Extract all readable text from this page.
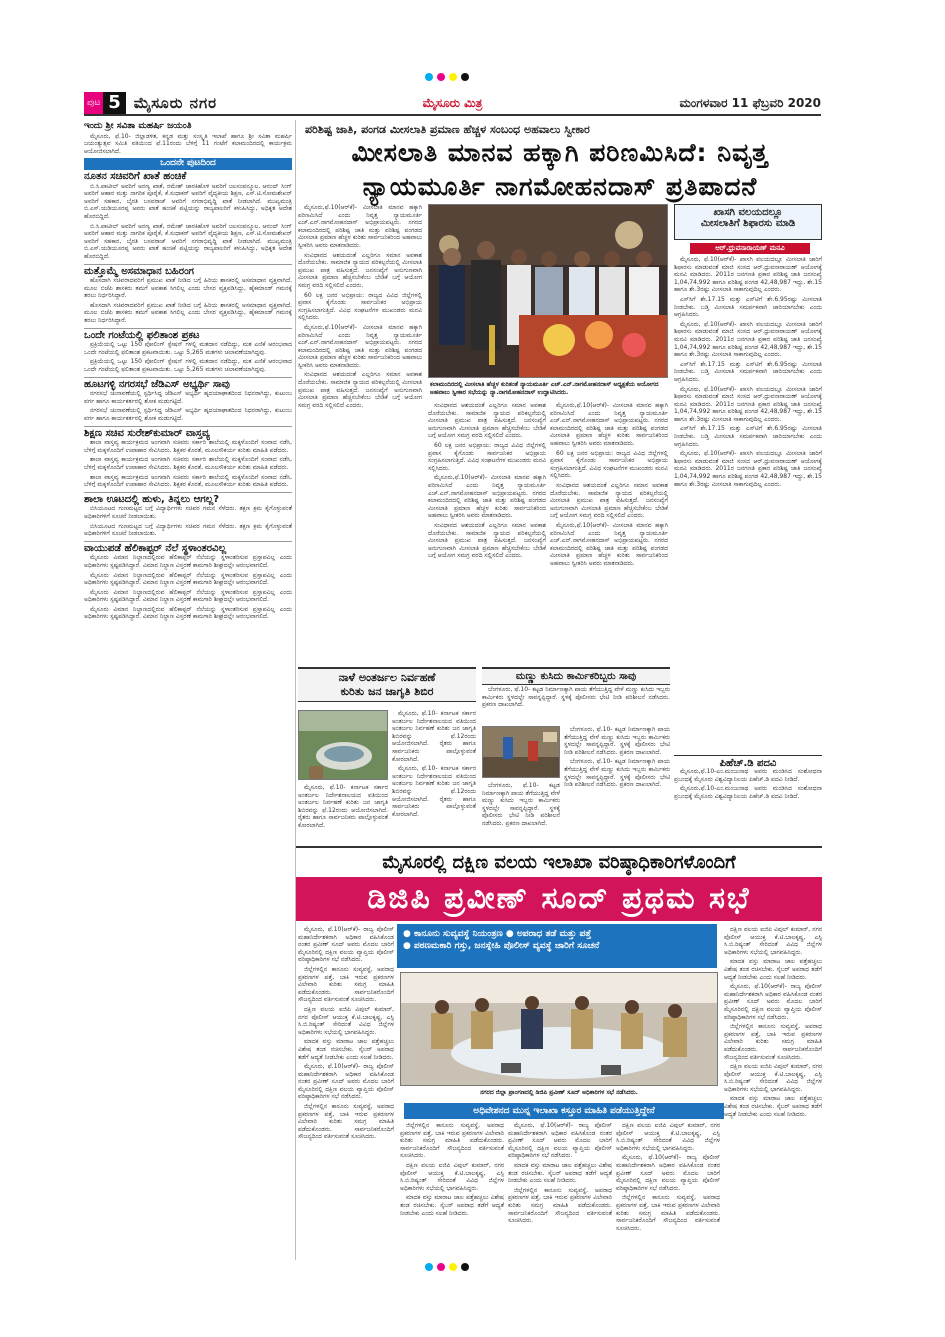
ಪುಟ 5 ಮೈಸೂರು ನಗರ	ಮೈಸೂರು ಮಿತ್ರ	ಮಂಗಳವಾರ 11 ಫೆಬ್ರವರಿ 2020
ಇಂದು ಶ್ರೀ ಸವಿತಾ ಮಹರ್ಷಿ ಜಯಂತಿ

ಮೈಸೂರು, ಫೆ.10- ಜಿಲ್ಲಾಡಳಿತ, ಕನ್ನಡ ಮತ್ತು ಸಂಸ್ಕೃತಿ ಇಲಾಖೆ ಹಾಗೂ ಶ್ರೀ ಸವಿತಾ ಮಹರ್ಷಿ ಜಯಂತ್ಯುತ್ಸವ ಸಮಿತಿ ವತಿಯಿಂದ ಫೆ.11ರಂದು ಬೆಳಿಗ್ಗೆ 11 ಗಂಟೆಗೆ ಕಲಾಮಂದಿರದಲ್ಲಿ ಕಾರ್ಯಕ್ರಮ ಆಯೋಜಿಸಲಾಗಿದೆ.

ಒಂದನೇ ಪುಟದಿಂದ
ನೂತನ ಸಚಿವರಿಗೆ ಖಾತೆ ಹಂಚಿಕೆ

ಬಿ.ಸಿ.ಪಾಟೀಲ್ ಅವರಿಗೆ ಅರಣ್ಯ ಖಾತೆ, ರಮೇಶ್ ಜಾರಕಿಹೊಳಿ ಅವರಿಗೆ ಜಲಸಂಪನ್ಮೂಲ, ಆನಂದ್ ಸಿಂಗ್ ಅವರಿಗೆ ಆಹಾರ ಮತ್ತು ನಾಗರಿಕ ಪೂರೈಕೆ, ಕೆ.ಸುಧಾಕರ್ ಅವರಿಗೆ ವೈದ್ಯಕೀಯ ಶಿಕ್ಷಣ, ಎಸ್.ಟಿ.ಸೋಮಶೇಖರ್ ಅವರಿಗೆ ಸಹಕಾರ, ಬೈರತಿ ಬಸವರಾಜ್ ಅವರಿಗೆ ನಗರಾಭಿವೃದ್ಧಿ ಖಾತೆ ನೀಡಲಾಗಿದೆ. ಮುಖ್ಯಮಂತ್ರಿ ಬಿ.ಎಸ್.ಯಡಿಯೂರಪ್ಪ ಅವರು ಖಾತೆ ಹಂಚಿಕೆ ಪಟ್ಟಿಯನ್ನು ರಾಜ್ಯಪಾಲರಿಗೆ ಕಳುಹಿಸಿದ್ದು, ಅಧಿಕೃತ ಆದೇಶ ಹೊರಬಿದ್ದಿದೆ.

ಬಿ.ಸಿ.ಪಾಟೀಲ್ ಅವರಿಗೆ ಅರಣ್ಯ ಖಾತೆ, ರಮೇಶ್ ಜಾರಕಿಹೊಳಿ ಅವರಿಗೆ ಜಲಸಂಪನ್ಮೂಲ, ಆನಂದ್ ಸಿಂಗ್ ಅವರಿಗೆ ಆಹಾರ ಮತ್ತು ನಾಗರಿಕ ಪೂರೈಕೆ, ಕೆ.ಸುಧಾಕರ್ ಅವರಿಗೆ ವೈದ್ಯಕೀಯ ಶಿಕ್ಷಣ, ಎಸ್.ಟಿ.ಸೋಮಶೇಖರ್ ಅವರಿಗೆ ಸಹಕಾರ, ಬೈರತಿ ಬಸವರಾಜ್ ಅವರಿಗೆ ನಗರಾಭಿವೃದ್ಧಿ ಖಾತೆ ನೀಡಲಾಗಿದೆ. ಮುಖ್ಯಮಂತ್ರಿ ಬಿ.ಎಸ್.ಯಡಿಯೂರಪ್ಪ ಅವರು ಖಾತೆ ಹಂಚಿಕೆ ಪಟ್ಟಿಯನ್ನು ರಾಜ್ಯಪಾಲರಿಗೆ ಕಳುಹಿಸಿದ್ದು, ಅಧಿಕೃತ ಆದೇಶ ಹೊರಬಿದ್ದಿದೆ.

ಮತ್ತೊಮ್ಮೆ ಅಸಮಾಧಾನ ಬಹಿರಂಗ

ಹೊಸದಾಗಿ ಸಚಿವರಾದವರಿಗೆ ಪ್ರಮುಖ ಖಾತೆ ನೀಡಿದ ಬಗ್ಗೆ ಹಿರಿಯ ಶಾಸಕರಲ್ಲಿ ಅಸಮಾಧಾನ ವ್ಯಕ್ತವಾಗಿದೆ. ಮೂಲ ಬಿಜೆಪಿ ಶಾಸಕರು ತಮಗೆ ಅವಕಾಶ ಸಿಗಲಿಲ್ಲ ಎಂದು ಬೇಸರ ವ್ಯಕ್ತಪಡಿಸಿದ್ದು, ಹೈಕಮಾಂಡ್ ಗಮನಕ್ಕೆ ತರಲು ನಿರ್ಧರಿಸಿದ್ದಾರೆ.

ಹೊಸದಾಗಿ ಸಚಿವರಾದವರಿಗೆ ಪ್ರಮುಖ ಖಾತೆ ನೀಡಿದ ಬಗ್ಗೆ ಹಿರಿಯ ಶಾಸಕರಲ್ಲಿ ಅಸಮಾಧಾನ ವ್ಯಕ್ತವಾಗಿದೆ. ಮೂಲ ಬಿಜೆಪಿ ಶಾಸಕರು ತಮಗೆ ಅವಕಾಶ ಸಿಗಲಿಲ್ಲ ಎಂದು ಬೇಸರ ವ್ಯಕ್ತಪಡಿಸಿದ್ದು, ಹೈಕಮಾಂಡ್ ಗಮನಕ್ಕೆ ತರಲು ನಿರ್ಧರಿಸಿದ್ದಾರೆ.

ಒಂದೇ ಗಂಟೆಯಲ್ಲಿ ಫಲಿತಾಂಶ ಪ್ರಕಟ

ಪ್ರಕ್ರಿಯೆಯಲ್ಲಿ ಒಟ್ಟು 150 ಪೋಲಿಂಗ್ ಸ್ಟೇಷನ್ ಗಳಲ್ಲಿ ಮತದಾನ ನಡೆದಿದ್ದು, ಮತ ಎಣಿಕೆ ಆರಂಭವಾದ ಒಂದೇ ಗಂಟೆಯಲ್ಲಿ ಫಲಿತಾಂಶ ಪ್ರಕಟವಾಯಿತು. ಒಟ್ಟು 5,265 ಮತಗಳು ಚಲಾವಣೆಯಾಗಿದ್ದವು.

ಪ್ರಕ್ರಿಯೆಯಲ್ಲಿ ಒಟ್ಟು 150 ಪೋಲಿಂಗ್ ಸ್ಟೇಷನ್ ಗಳಲ್ಲಿ ಮತದಾನ ನಡೆದಿದ್ದು, ಮತ ಎಣಿಕೆ ಆರಂಭವಾದ ಒಂದೇ ಗಂಟೆಯಲ್ಲಿ ಫಲಿತಾಂಶ ಪ್ರಕಟವಾಯಿತು. ಒಟ್ಟು 5,265 ಮತಗಳು ಚಲಾವಣೆಯಾಗಿದ್ದವು.

ಹೂಟಗಳ್ಳಿ ನಗರಸಭೆ ಜೆಡಿಎಸ್ ಅಭ್ಯರ್ಥಿ ಸಾವು

ನಗರಸಭೆ ಚುನಾವಣೆಯಲ್ಲಿ ಸ್ಪರ್ಧಿಸಿದ್ದ ಜೆಡಿಎಸ್ ಅಭ್ಯರ್ಥಿ ಹೃದಯಾಘಾತದಿಂದ ನಿಧನರಾಗಿದ್ದು, ಕುಟುಂಬ ವರ್ಗ ಹಾಗೂ ಕಾರ್ಯಕರ್ತರಲ್ಲಿ ಶೋಕ ಮಡುಗಟ್ಟಿದೆ.

ನಗರಸಭೆ ಚುನಾವಣೆಯಲ್ಲಿ ಸ್ಪರ್ಧಿಸಿದ್ದ ಜೆಡಿಎಸ್ ಅಭ್ಯರ್ಥಿ ಹೃದಯಾಘಾತದಿಂದ ನಿಧನರಾಗಿದ್ದು, ಕುಟುಂಬ ವರ್ಗ ಹಾಗೂ ಕಾರ್ಯಕರ್ತರಲ್ಲಿ ಶೋಕ ಮಡುಗಟ್ಟಿದೆ.

ಶಿಕ್ಷಣ ಸಚಿವ ಸುರೇಶ್‌ಕುಮಾರ್ ವಾಸ್ತವ್ಯ

ಶಾಲಾ ವಾಸ್ತವ್ಯ ಕಾರ್ಯಕ್ರಮದ ಅಂಗವಾಗಿ ಸಚಿವರು ಸರ್ಕಾರಿ ಶಾಲೆಯಲ್ಲಿ ಮಕ್ಕಳೊಂದಿಗೆ ಸಂವಾದ ನಡೆಸಿ, ಬೆಳಿಗ್ಗೆ ಮಕ್ಕಳೊಂದಿಗೆ ಉಪಾಹಾರ ಸೇವಿಸಿದರು. ಶಿಕ್ಷಕರ ಕೊರತೆ, ಮೂಲಸೌಕರ್ಯ ಕುರಿತು ಮಾಹಿತಿ ಪಡೆದರು.

ಶಾಲಾ ವಾಸ್ತವ್ಯ ಕಾರ್ಯಕ್ರಮದ ಅಂಗವಾಗಿ ಸಚಿವರು ಸರ್ಕಾರಿ ಶಾಲೆಯಲ್ಲಿ ಮಕ್ಕಳೊಂದಿಗೆ ಸಂವಾದ ನಡೆಸಿ, ಬೆಳಿಗ್ಗೆ ಮಕ್ಕಳೊಂದಿಗೆ ಉಪಾಹಾರ ಸೇವಿಸಿದರು. ಶಿಕ್ಷಕರ ಕೊರತೆ, ಮೂಲಸೌಕರ್ಯ ಕುರಿತು ಮಾಹಿತಿ ಪಡೆದರು.

ಶಾಲಾ ವಾಸ್ತವ್ಯ ಕಾರ್ಯಕ್ರಮದ ಅಂಗವಾಗಿ ಸಚಿವರು ಸರ್ಕಾರಿ ಶಾಲೆಯಲ್ಲಿ ಮಕ್ಕಳೊಂದಿಗೆ ಸಂವಾದ ನಡೆಸಿ, ಬೆಳಿಗ್ಗೆ ಮಕ್ಕಳೊಂದಿಗೆ ಉಪಾಹಾರ ಸೇವಿಸಿದರು. ಶಿಕ್ಷಕರ ಕೊರತೆ, ಮೂಲಸೌಕರ್ಯ ಕುರಿತು ಮಾಹಿತಿ ಪಡೆದರು.

ಶಾಲಾ ಊಟದಲ್ಲಿ ಹುಳು, ತಿನ್ನಲು ಆಗಲ್ಲ?

ಬಿಸಿಯೂಟದ ಗುಣಮಟ್ಟದ ಬಗ್ಗೆ ವಿದ್ಯಾರ್ಥಿಗಳು ಸಚಿವರ ಗಮನ ಸೆಳೆದರು. ತಕ್ಷಣ ಕ್ರಮ ಕೈಗೊಳ್ಳುವಂತೆ ಅಧಿಕಾರಿಗಳಿಗೆ ಸೂಚನೆ ನೀಡಲಾಯಿತು.

ಬಿಸಿಯೂಟದ ಗುಣಮಟ್ಟದ ಬಗ್ಗೆ ವಿದ್ಯಾರ್ಥಿಗಳು ಸಚಿವರ ಗಮನ ಸೆಳೆದರು. ತಕ್ಷಣ ಕ್ರಮ ಕೈಗೊಳ್ಳುವಂತೆ ಅಧಿಕಾರಿಗಳಿಗೆ ಸೂಚನೆ ನೀಡಲಾಯಿತು.

ವಾಯುಪಡೆ ಹೆಲಿಕಾಪ್ಟರ್ ನೆಲೆ ಸ್ಥಳಾಂತರವಿಲ್ಲ

ಮೈಸೂರು ವಿಮಾನ ನಿಲ್ದಾಣದಲ್ಲಿರುವ ಹೆಲಿಕಾಪ್ಟರ್ ನೆಲೆಯನ್ನು ಸ್ಥಳಾಂತರಿಸುವ ಪ್ರಸ್ತಾಪವಿಲ್ಲ ಎಂದು ಅಧಿಕಾರಿಗಳು ಸ್ಪಷ್ಟಪಡಿಸಿದ್ದಾರೆ. ವಿಮಾನ ನಿಲ್ದಾಣ ವಿಸ್ತರಣೆ ಕಾಮಗಾರಿ ಶೀಘ್ರದಲ್ಲೇ ಆರಂಭವಾಗಲಿದೆ.

ಮೈಸೂರು ವಿಮಾನ ನಿಲ್ದಾಣದಲ್ಲಿರುವ ಹೆಲಿಕಾಪ್ಟರ್ ನೆಲೆಯನ್ನು ಸ್ಥಳಾಂತರಿಸುವ ಪ್ರಸ್ತಾಪವಿಲ್ಲ ಎಂದು ಅಧಿಕಾರಿಗಳು ಸ್ಪಷ್ಟಪಡಿಸಿದ್ದಾರೆ. ವಿಮಾನ ನಿಲ್ದಾಣ ವಿಸ್ತರಣೆ ಕಾಮಗಾರಿ ಶೀಘ್ರದಲ್ಲೇ ಆರಂಭವಾಗಲಿದೆ.

ಮೈಸೂರು ವಿಮಾನ ನಿಲ್ದಾಣದಲ್ಲಿರುವ ಹೆಲಿಕಾಪ್ಟರ್ ನೆಲೆಯನ್ನು ಸ್ಥಳಾಂತರಿಸುವ ಪ್ರಸ್ತಾಪವಿಲ್ಲ ಎಂದು ಅಧಿಕಾರಿಗಳು ಸ್ಪಷ್ಟಪಡಿಸಿದ್ದಾರೆ. ವಿಮಾನ ನಿಲ್ದಾಣ ವಿಸ್ತರಣೆ ಕಾಮಗಾರಿ ಶೀಘ್ರದಲ್ಲೇ ಆರಂಭವಾಗಲಿದೆ.

ಮೈಸೂರು ವಿಮಾನ ನಿಲ್ದಾಣದಲ್ಲಿರುವ ಹೆಲಿಕಾಪ್ಟರ್ ನೆಲೆಯನ್ನು ಸ್ಥಳಾಂತರಿಸುವ ಪ್ರಸ್ತಾಪವಿಲ್ಲ ಎಂದು ಅಧಿಕಾರಿಗಳು ಸ್ಪಷ್ಟಪಡಿಸಿದ್ದಾರೆ. ವಿಮಾನ ನಿಲ್ದಾಣ ವಿಸ್ತರಣೆ ಕಾಮಗಾರಿ ಶೀಘ್ರದಲ್ಲೇ ಆರಂಭವಾಗಲಿದೆ.

ಪರಿಶಿಷ್ಟ ಜಾತಿ, ಪಂಗಡ ಮೀಸಲಾತಿ ಪ್ರಮಾಣ ಹೆಚ್ಚಳ ಸಂಬಂಧ ಅಹವಾಲು ಸ್ವೀಕಾರ
ಮೀಸಲಾತಿ ಮಾನವ ಹಕ್ಕಾಗಿ ಪರಿಣಮಿಸಿದೆ: ನಿವೃತ್ತ
ನ್ಯಾಯಮೂರ್ತಿ ನಾಗಮೋಹನದಾಸ್ ಪ್ರತಿಪಾದನೆ

ಮೈಸೂರು,ಫೆ.10(ಆರ್‌ಕೆ)- ಮೀಸಲಾತಿ ಮಾನವ ಹಕ್ಕಾಗಿ ಪರಿಣಮಿಸಿದೆ ಎಂದು ನಿವೃತ್ತ ನ್ಯಾಯಮೂರ್ತಿ ಎಚ್.ಎನ್.ನಾಗಮೋಹನದಾಸ್ ಅಭಿಪ್ರಾಯಪಟ್ಟರು. ನಗರದ ಕಲಾಮಂದಿರದಲ್ಲಿ ಪರಿಶಿಷ್ಟ ಜಾತಿ ಮತ್ತು ಪರಿಶಿಷ್ಟ ಪಂಗಡದ ಮೀಸಲಾತಿ ಪ್ರಮಾಣ ಹೆಚ್ಚಳ ಕುರಿತು ಸಾರ್ವಜನಿಕರಿಂದ ಅಹವಾಲು ಸ್ವೀಕರಿಸಿ ಅವರು ಮಾತನಾಡಿದರು.

ಸಂವಿಧಾನದ ಆಶಯದಂತೆ ಎಲ್ಲರಿಗೂ ಸಮಾನ ಅವಕಾಶ ದೊರೆಯಬೇಕು. ಸಾಮಾಜಿಕ ನ್ಯಾಯದ ಪರಿಕಲ್ಪನೆಯಲ್ಲಿ ಮೀಸಲಾತಿ ಪ್ರಮುಖ ಪಾತ್ರ ವಹಿಸುತ್ತದೆ. ಜನಸಂಖ್ಯೆಗೆ ಅನುಗುಣವಾಗಿ ಮೀಸಲಾತಿ ಪ್ರಮಾಣ ಹೆಚ್ಚಿಸಬೇಕೆಂಬ ಬೇಡಿಕೆ ಬಗ್ಗೆ ಆಯೋಗ ಸಮಗ್ರ ವರದಿ ಸಲ್ಲಿಸಲಿದೆ ಎಂದರು.

60 ಲಕ್ಷ ಜನರ ಅಭಿಪ್ರಾಯ: ರಾಜ್ಯದ ವಿವಿಧ ಜಿಲ್ಲೆಗಳಲ್ಲಿ ಪ್ರವಾಸ ಕೈಗೊಂಡು ಸಾರ್ವಜನಿಕರ ಅಭಿಪ್ರಾಯ ಸಂಗ್ರಹಿಸಲಾಗುತ್ತಿದೆ. ವಿವಿಧ ಸಂಘಟನೆಗಳ ಮುಖಂಡರು ಮನವಿ ಸಲ್ಲಿಸಿದರು.

ಮೈಸೂರು,ಫೆ.10(ಆರ್‌ಕೆ)- ಮೀಸಲಾತಿ ಮಾನವ ಹಕ್ಕಾಗಿ ಪರಿಣಮಿಸಿದೆ ಎಂದು ನಿವೃತ್ತ ನ್ಯಾಯಮೂರ್ತಿ ಎಚ್.ಎನ್.ನಾಗಮೋಹನದಾಸ್ ಅಭಿಪ್ರಾಯಪಟ್ಟರು. ನಗರದ ಕಲಾಮಂದಿರದಲ್ಲಿ ಪರಿಶಿಷ್ಟ ಜಾತಿ ಮತ್ತು ಪರಿಶಿಷ್ಟ ಪಂಗಡದ ಮೀಸಲಾತಿ ಪ್ರಮಾಣ ಹೆಚ್ಚಳ ಕುರಿತು ಸಾರ್ವಜನಿಕರಿಂದ ಅಹವಾಲು ಸ್ವೀಕರಿಸಿ ಅವರು ಮಾತನಾಡಿದರು.

ಸಂವಿಧಾನದ ಆಶಯದಂತೆ ಎಲ್ಲರಿಗೂ ಸಮಾನ ಅವಕಾಶ ದೊರೆಯಬೇಕು. ಸಾಮಾಜಿಕ ನ್ಯಾಯದ ಪರಿಕಲ್ಪನೆಯಲ್ಲಿ ಮೀಸಲಾತಿ ಪ್ರಮುಖ ಪಾತ್ರ ವಹಿಸುತ್ತದೆ. ಜನಸಂಖ್ಯೆಗೆ ಅನುಗುಣವಾಗಿ ಮೀಸಲಾತಿ ಪ್ರಮಾಣ ಹೆಚ್ಚಿಸಬೇಕೆಂಬ ಬೇಡಿಕೆ ಬಗ್ಗೆ ಆಯೋಗ ಸಮಗ್ರ ವರದಿ ಸಲ್ಲಿಸಲಿದೆ ಎಂದರು.

ಕಲಾಮಂದಿರದಲ್ಲಿ ಮೀಸಲಾತಿ ಹೆಚ್ಚಳ ಕುರಿತಂತೆ ನ್ಯಾಯಮೂರ್ತಿ ಎಚ್.ಎನ್.ನಾಗಮೋಹನದಾಸ್ ಅಧ್ಯಕ್ಷತೆಯ ಆಯೋಗದ ಅಹವಾಲು ಸ್ವೀಕಾರ ಸಭೆಯನ್ನು ನ್ಯಾ.ನಾಗಮೋಹನದಾಸ್ ಉದ್ಘಾಟಿಸಿದರು.

ಸಂವಿಧಾನದ ಆಶಯದಂತೆ ಎಲ್ಲರಿಗೂ ಸಮಾನ ಅವಕಾಶ ದೊರೆಯಬೇಕು. ಸಾಮಾಜಿಕ ನ್ಯಾಯದ ಪರಿಕಲ್ಪನೆಯಲ್ಲಿ ಮೀಸಲಾತಿ ಪ್ರಮುಖ ಪಾತ್ರ ವಹಿಸುತ್ತದೆ. ಜನಸಂಖ್ಯೆಗೆ ಅನುಗುಣವಾಗಿ ಮೀಸಲಾತಿ ಪ್ರಮಾಣ ಹೆಚ್ಚಿಸಬೇಕೆಂಬ ಬೇಡಿಕೆ ಬಗ್ಗೆ ಆಯೋಗ ಸಮಗ್ರ ವರದಿ ಸಲ್ಲಿಸಲಿದೆ ಎಂದರು.

60 ಲಕ್ಷ ಜನರ ಅಭಿಪ್ರಾಯ: ರಾಜ್ಯದ ವಿವಿಧ ಜಿಲ್ಲೆಗಳಲ್ಲಿ ಪ್ರವಾಸ ಕೈಗೊಂಡು ಸಾರ್ವಜನಿಕರ ಅಭಿಪ್ರಾಯ ಸಂಗ್ರಹಿಸಲಾಗುತ್ತಿದೆ. ವಿವಿಧ ಸಂಘಟನೆಗಳ ಮುಖಂಡರು ಮನವಿ ಸಲ್ಲಿಸಿದರು.

ಮೈಸೂರು,ಫೆ.10(ಆರ್‌ಕೆ)- ಮೀಸಲಾತಿ ಮಾನವ ಹಕ್ಕಾಗಿ ಪರಿಣಮಿಸಿದೆ ಎಂದು ನಿವೃತ್ತ ನ್ಯಾಯಮೂರ್ತಿ ಎಚ್.ಎನ್.ನಾಗಮೋಹನದಾಸ್ ಅಭಿಪ್ರಾಯಪಟ್ಟರು. ನಗರದ ಕಲಾಮಂದಿರದಲ್ಲಿ ಪರಿಶಿಷ್ಟ ಜಾತಿ ಮತ್ತು ಪರಿಶಿಷ್ಟ ಪಂಗಡದ ಮೀಸಲಾತಿ ಪ್ರಮಾಣ ಹೆಚ್ಚಳ ಕುರಿತು ಸಾರ್ವಜನಿಕರಿಂದ ಅಹವಾಲು ಸ್ವೀಕರಿಸಿ ಅವರು ಮಾತನಾಡಿದರು.

ಸಂವಿಧಾನದ ಆಶಯದಂತೆ ಎಲ್ಲರಿಗೂ ಸಮಾನ ಅವಕಾಶ ದೊರೆಯಬೇಕು. ಸಾಮಾಜಿಕ ನ್ಯಾಯದ ಪರಿಕಲ್ಪನೆಯಲ್ಲಿ ಮೀಸಲಾತಿ ಪ್ರಮುಖ ಪಾತ್ರ ವಹಿಸುತ್ತದೆ. ಜನಸಂಖ್ಯೆಗೆ ಅನುಗುಣವಾಗಿ ಮೀಸಲಾತಿ ಪ್ರಮಾಣ ಹೆಚ್ಚಿಸಬೇಕೆಂಬ ಬೇಡಿಕೆ ಬಗ್ಗೆ ಆಯೋಗ ಸಮಗ್ರ ವರದಿ ಸಲ್ಲಿಸಲಿದೆ ಎಂದರು.

ಮೈಸೂರು,ಫೆ.10(ಆರ್‌ಕೆ)- ಮೀಸಲಾತಿ ಮಾನವ ಹಕ್ಕಾಗಿ ಪರಿಣಮಿಸಿದೆ ಎಂದು ನಿವೃತ್ತ ನ್ಯಾಯಮೂರ್ತಿ ಎಚ್.ಎನ್.ನಾಗಮೋಹನದಾಸ್ ಅಭಿಪ್ರಾಯಪಟ್ಟರು. ನಗರದ ಕಲಾಮಂದಿರದಲ್ಲಿ ಪರಿಶಿಷ್ಟ ಜಾತಿ ಮತ್ತು ಪರಿಶಿಷ್ಟ ಪಂಗಡದ ಮೀಸಲಾತಿ ಪ್ರಮಾಣ ಹೆಚ್ಚಳ ಕುರಿತು ಸಾರ್ವಜನಿಕರಿಂದ ಅಹವಾಲು ಸ್ವೀಕರಿಸಿ ಅವರು ಮಾತನಾಡಿದರು.

60 ಲಕ್ಷ ಜನರ ಅಭಿಪ್ರಾಯ: ರಾಜ್ಯದ ವಿವಿಧ ಜಿಲ್ಲೆಗಳಲ್ಲಿ ಪ್ರವಾಸ ಕೈಗೊಂಡು ಸಾರ್ವಜನಿಕರ ಅಭಿಪ್ರಾಯ ಸಂಗ್ರಹಿಸಲಾಗುತ್ತಿದೆ. ವಿವಿಧ ಸಂಘಟನೆಗಳ ಮುಖಂಡರು ಮನವಿ ಸಲ್ಲಿಸಿದರು.

ಸಂವಿಧಾನದ ಆಶಯದಂತೆ ಎಲ್ಲರಿಗೂ ಸಮಾನ ಅವಕಾಶ ದೊರೆಯಬೇಕು. ಸಾಮಾಜಿಕ ನ್ಯಾಯದ ಪರಿಕಲ್ಪನೆಯಲ್ಲಿ ಮೀಸಲಾತಿ ಪ್ರಮುಖ ಪಾತ್ರ ವಹಿಸುತ್ತದೆ. ಜನಸಂಖ್ಯೆಗೆ ಅನುಗುಣವಾಗಿ ಮೀಸಲಾತಿ ಪ್ರಮಾಣ ಹೆಚ್ಚಿಸಬೇಕೆಂಬ ಬೇಡಿಕೆ ಬಗ್ಗೆ ಆಯೋಗ ಸಮಗ್ರ ವರದಿ ಸಲ್ಲಿಸಲಿದೆ ಎಂದರು.

ಮೈಸೂರು,ಫೆ.10(ಆರ್‌ಕೆ)- ಮೀಸಲಾತಿ ಮಾನವ ಹಕ್ಕಾಗಿ ಪರಿಣಮಿಸಿದೆ ಎಂದು ನಿವೃತ್ತ ನ್ಯಾಯಮೂರ್ತಿ ಎಚ್.ಎನ್.ನಾಗಮೋಹನದಾಸ್ ಅಭಿಪ್ರಾಯಪಟ್ಟರು. ನಗರದ ಕಲಾಮಂದಿರದಲ್ಲಿ ಪರಿಶಿಷ್ಟ ಜಾತಿ ಮತ್ತು ಪರಿಶಿಷ್ಟ ಪಂಗಡದ ಮೀಸಲಾತಿ ಪ್ರಮಾಣ ಹೆಚ್ಚಳ ಕುರಿತು ಸಾರ್ವಜನಿಕರಿಂದ ಅಹವಾಲು ಸ್ವೀಕರಿಸಿ ಅವರು ಮಾತನಾಡಿದರು.

ಖಾಸಗಿ ವಲಯದಲ್ಲೂ
ಮೀಸಲಾತಿಗೆ ಶಿಫಾರಸು ಮಾಡಿ
ಆರ್.ಧ್ರುವನಾರಾಯಣ್ ಮನವಿ

ಮೈಸೂರು, ಫೆ.10(ಆರ್‌ಕೆ)- ಖಾಸಗಿ ವಲಯದಲ್ಲೂ ಮೀಸಲಾತಿ ಜಾರಿಗೆ ಶಿಫಾರಸು ಮಾಡುವಂತೆ ಮಾಜಿ ಸಂಸದ ಆರ್.ಧ್ರುವನಾರಾಯಣ್ ಆಯೋಗಕ್ಕೆ ಮನವಿ ಮಾಡಿದರು. 2011ರ ಜನಗಣತಿ ಪ್ರಕಾರ ಪರಿಶಿಷ್ಟ ಜಾತಿ ಜನಸಂಖ್ಯೆ 1,04,74,992 ಹಾಗೂ ಪರಿಶಿಷ್ಟ ಪಂಗಡ 42,48,987 ಇದ್ದು, ಶೇ.15 ಹಾಗೂ ಶೇ.3ರಷ್ಟು ಮೀಸಲಾತಿ ಸಾಕಾಗುವುದಿಲ್ಲ ಎಂದರು.

ಎಸ್‌ಸಿಗೆ ಶೇ.17.15 ಮತ್ತು ಎಸ್‌ಟಿಗೆ ಶೇ.6.95ರಷ್ಟು ಮೀಸಲಾತಿ ನೀಡಬೇಕು. ಬಡ್ತಿ ಮೀಸಲಾತಿ ಸಮರ್ಪಕವಾಗಿ ಜಾರಿಯಾಗಬೇಕು ಎಂದು ಆಗ್ರಹಿಸಿದರು.

ಮೈಸೂರು, ಫೆ.10(ಆರ್‌ಕೆ)- ಖಾಸಗಿ ವಲಯದಲ್ಲೂ ಮೀಸಲಾತಿ ಜಾರಿಗೆ ಶಿಫಾರಸು ಮಾಡುವಂತೆ ಮಾಜಿ ಸಂಸದ ಆರ್.ಧ್ರುವನಾರಾಯಣ್ ಆಯೋಗಕ್ಕೆ ಮನವಿ ಮಾಡಿದರು. 2011ರ ಜನಗಣತಿ ಪ್ರಕಾರ ಪರಿಶಿಷ್ಟ ಜಾತಿ ಜನಸಂಖ್ಯೆ 1,04,74,992 ಹಾಗೂ ಪರಿಶಿಷ್ಟ ಪಂಗಡ 42,48,987 ಇದ್ದು, ಶೇ.15 ಹಾಗೂ ಶೇ.3ರಷ್ಟು ಮೀಸಲಾತಿ ಸಾಕಾಗುವುದಿಲ್ಲ ಎಂದರು.

ಎಸ್‌ಸಿಗೆ ಶೇ.17.15 ಮತ್ತು ಎಸ್‌ಟಿಗೆ ಶೇ.6.95ರಷ್ಟು ಮೀಸಲಾತಿ ನೀಡಬೇಕು. ಬಡ್ತಿ ಮೀಸಲಾತಿ ಸಮರ್ಪಕವಾಗಿ ಜಾರಿಯಾಗಬೇಕು ಎಂದು ಆಗ್ರಹಿಸಿದರು.

ಮೈಸೂರು, ಫೆ.10(ಆರ್‌ಕೆ)- ಖಾಸಗಿ ವಲಯದಲ್ಲೂ ಮೀಸಲಾತಿ ಜಾರಿಗೆ ಶಿಫಾರಸು ಮಾಡುವಂತೆ ಮಾಜಿ ಸಂಸದ ಆರ್.ಧ್ರುವನಾರಾಯಣ್ ಆಯೋಗಕ್ಕೆ ಮನವಿ ಮಾಡಿದರು. 2011ರ ಜನಗಣತಿ ಪ್ರಕಾರ ಪರಿಶಿಷ್ಟ ಜಾತಿ ಜನಸಂಖ್ಯೆ 1,04,74,992 ಹಾಗೂ ಪರಿಶಿಷ್ಟ ಪಂಗಡ 42,48,987 ಇದ್ದು, ಶೇ.15 ಹಾಗೂ ಶೇ.3ರಷ್ಟು ಮೀಸಲಾತಿ ಸಾಕಾಗುವುದಿಲ್ಲ ಎಂದರು.

ಎಸ್‌ಸಿಗೆ ಶೇ.17.15 ಮತ್ತು ಎಸ್‌ಟಿಗೆ ಶೇ.6.95ರಷ್ಟು ಮೀಸಲಾತಿ ನೀಡಬೇಕು. ಬಡ್ತಿ ಮೀಸಲಾತಿ ಸಮರ್ಪಕವಾಗಿ ಜಾರಿಯಾಗಬೇಕು ಎಂದು ಆಗ್ರಹಿಸಿದರು.

ಮೈಸೂರು, ಫೆ.10(ಆರ್‌ಕೆ)- ಖಾಸಗಿ ವಲಯದಲ್ಲೂ ಮೀಸಲಾತಿ ಜಾರಿಗೆ ಶಿಫಾರಸು ಮಾಡುವಂತೆ ಮಾಜಿ ಸಂಸದ ಆರ್.ಧ್ರುವನಾರಾಯಣ್ ಆಯೋಗಕ್ಕೆ ಮನವಿ ಮಾಡಿದರು. 2011ರ ಜನಗಣತಿ ಪ್ರಕಾರ ಪರಿಶಿಷ್ಟ ಜಾತಿ ಜನಸಂಖ್ಯೆ 1,04,74,992 ಹಾಗೂ ಪರಿಶಿಷ್ಟ ಪಂಗಡ 42,48,987 ಇದ್ದು, ಶೇ.15 ಹಾಗೂ ಶೇ.3ರಷ್ಟು ಮೀಸಲಾತಿ ಸಾಕಾಗುವುದಿಲ್ಲ ಎಂದರು.

ಪಿಹೆಚ್.ಡಿ ಪದವಿ

ಮೈಸೂರು,ಫೆ.10-ಎಂ.ಮಂಜುನಾಥ ಅವರು ಮಂಡಿಸಿದ ಸಂಶೋಧನಾ ಪ್ರಬಂಧಕ್ಕೆ ಮೈಸೂರು ವಿಶ್ವವಿದ್ಯಾನಿಲಯ ಪಿಹೆಚ್.ಡಿ ಪದವಿ ನೀಡಿದೆ.

ಮೈಸೂರು,ಫೆ.10-ಎಂ.ಮಂಜುನಾಥ ಅವರು ಮಂಡಿಸಿದ ಸಂಶೋಧನಾ ಪ್ರಬಂಧಕ್ಕೆ ಮೈಸೂರು ವಿಶ್ವವಿದ್ಯಾನಿಲಯ ಪಿಹೆಚ್.ಡಿ ಪದವಿ ನೀಡಿದೆ.

ನಾಳೆ ಅಂತರ್ಜಲ ನಿರ್ವಹಣೆ
ಕುರಿತು ಜನ ಜಾಗೃತಿ ಶಿಬಿರ

ಮೈಸೂರು, ಫೆ.10- ಕರ್ನಾಟಕ ಸರ್ಕಾರ ಅಂತರ್ಜಲ ನಿರ್ದೇಶನಾಲಯದ ವತಿಯಿಂದ ಅಂತರ್ಜಲ ನಿರ್ವಹಣೆ ಕುರಿತು ಜನ ಜಾಗೃತಿ ಶಿಬಿರವನ್ನು ಫೆ.12ರಂದು ಆಯೋಜಿಸಲಾಗಿದೆ. ರೈತರು ಹಾಗೂ ಸಾರ್ವಜನಿಕರು ಪಾಲ್ಗೊಳ್ಳುವಂತೆ ಕೋರಲಾಗಿದೆ.

ಮೈಸೂರು, ಫೆ.10- ಕರ್ನಾಟಕ ಸರ್ಕಾರ ಅಂತರ್ಜಲ ನಿರ್ದೇಶನಾಲಯದ ವತಿಯಿಂದ ಅಂತರ್ಜಲ ನಿರ್ವಹಣೆ ಕುರಿತು ಜನ ಜಾಗೃತಿ ಶಿಬಿರವನ್ನು ಫೆ.12ರಂದು ಆಯೋಜಿಸಲಾಗಿದೆ. ರೈತರು ಹಾಗೂ ಸಾರ್ವಜನಿಕರು ಪಾಲ್ಗೊಳ್ಳುವಂತೆ ಕೋರಲಾಗಿದೆ.

ಮೈಸೂರು, ಫೆ.10- ಕರ್ನಾಟಕ ಸರ್ಕಾರ ಅಂತರ್ಜಲ ನಿರ್ದೇಶನಾಲಯದ ವತಿಯಿಂದ ಅಂತರ್ಜಲ ನಿರ್ವಹಣೆ ಕುರಿತು ಜನ ಜಾಗೃತಿ ಶಿಬಿರವನ್ನು ಫೆ.12ರಂದು ಆಯೋಜಿಸಲಾಗಿದೆ. ರೈತರು ಹಾಗೂ ಸಾರ್ವಜನಿಕರು ಪಾಲ್ಗೊಳ್ಳುವಂತೆ ಕೋರಲಾಗಿದೆ.

ಮಣ್ಣು ಕುಸಿದು ಕಾರ್ಮಿಕರಿಬ್ಬರು ಸಾವು

ಬೆಂಗಳೂರು, ಫೆ.10- ಕಟ್ಟಡ ನಿರ್ಮಾಣಕ್ಕಾಗಿ ಪಾಯ ತೆಗೆಯುತ್ತಿದ್ದ ವೇಳೆ ಮಣ್ಣು ಕುಸಿದು ಇಬ್ಬರು ಕಾರ್ಮಿಕರು ಸ್ಥಳದಲ್ಲೇ ಸಾವನ್ನಪ್ಪಿದ್ದಾರೆ. ಸ್ಥಳಕ್ಕೆ ಪೊಲೀಸರು ಭೇಟಿ ನೀಡಿ ಪರಿಶೀಲನೆ ನಡೆಸಿದರು. ಪ್ರಕರಣ ದಾಖಲಾಗಿದೆ.

ಬೆಂಗಳೂರು, ಫೆ.10- ಕಟ್ಟಡ ನಿರ್ಮಾಣಕ್ಕಾಗಿ ಪಾಯ ತೆಗೆಯುತ್ತಿದ್ದ ವೇಳೆ ಮಣ್ಣು ಕುಸಿದು ಇಬ್ಬರು ಕಾರ್ಮಿಕರು ಸ್ಥಳದಲ್ಲೇ ಸಾವನ್ನಪ್ಪಿದ್ದಾರೆ. ಸ್ಥಳಕ್ಕೆ ಪೊಲೀಸರು ಭೇಟಿ ನೀಡಿ ಪರಿಶೀಲನೆ ನಡೆಸಿದರು. ಪ್ರಕರಣ ದಾಖಲಾಗಿದೆ.

ಬೆಂಗಳೂರು, ಫೆ.10- ಕಟ್ಟಡ ನಿರ್ಮಾಣಕ್ಕಾಗಿ ಪಾಯ ತೆಗೆಯುತ್ತಿದ್ದ ವೇಳೆ ಮಣ್ಣು ಕುಸಿದು ಇಬ್ಬರು ಕಾರ್ಮಿಕರು ಸ್ಥಳದಲ್ಲೇ ಸಾವನ್ನಪ್ಪಿದ್ದಾರೆ. ಸ್ಥಳಕ್ಕೆ ಪೊಲೀಸರು ಭೇಟಿ ನೀಡಿ ಪರಿಶೀಲನೆ ನಡೆಸಿದರು. ಪ್ರಕರಣ ದಾಖಲಾಗಿದೆ.

ಬೆಂಗಳೂರು, ಫೆ.10- ಕಟ್ಟಡ ನಿರ್ಮಾಣಕ್ಕಾಗಿ ಪಾಯ ತೆಗೆಯುತ್ತಿದ್ದ ವೇಳೆ ಮಣ್ಣು ಕುಸಿದು ಇಬ್ಬರು ಕಾರ್ಮಿಕರು ಸ್ಥಳದಲ್ಲೇ ಸಾವನ್ನಪ್ಪಿದ್ದಾರೆ. ಸ್ಥಳಕ್ಕೆ ಪೊಲೀಸರು ಭೇಟಿ ನೀಡಿ ಪರಿಶೀಲನೆ ನಡೆಸಿದರು. ಪ್ರಕರಣ ದಾಖಲಾಗಿದೆ.

ಮೈಸೂರಲ್ಲಿ ದಕ್ಷಿಣ ವಲಯ ಇಲಾಖಾ ವರಿಷ್ಠಾಧಿಕಾರಿಗಳೊಂದಿಗೆ
ಡಿಜಿಪಿ ಪ್ರವೀಣ್ ಸೂದ್ ಪ್ರಥಮ ಸಭೆ
● ಕಾನೂನು ಸುವ್ಯವಸ್ಥೆ ನಿಯಂತ್ರಣ ● ಅಪರಾಧ ತಡೆ ಮತ್ತು ಪತ್ತೆ
● ಪಠಣಮಕಾರಿ ಗಸ್ತು, ಜನಸ್ನೇಹಿ ಪೊಲೀಸ್ ವ್ಯವಸ್ಥೆ ಜಾರಿಗೆ ಸೂಚನೆ

ಮೈಸೂರು, ಫೆ.10(ಆರ್‌ಕೆ)- ರಾಜ್ಯ ಪೊಲೀಸ್ ಮಹಾನಿರ್ದೇಶಕರಾಗಿ ಅಧಿಕಾರ ವಹಿಸಿಕೊಂಡ ನಂತರ ಪ್ರವೀಣ್ ಸೂದ್ ಅವರು ಮೊದಲ ಬಾರಿಗೆ ಮೈಸೂರಿನಲ್ಲಿ ದಕ್ಷಿಣ ವಲಯ ವ್ಯಾಪ್ತಿಯ ಪೊಲೀಸ್ ವರಿಷ್ಠಾಧಿಕಾರಿಗಳ ಸಭೆ ನಡೆಸಿದರು.

ಜಿಲ್ಲೆಗಳಲ್ಲಿನ ಕಾನೂನು ಸುವ್ಯವಸ್ಥೆ, ಅಪರಾಧ ಪ್ರಕರಣಗಳ ಪತ್ತೆ, ಬಾಕಿ ಇರುವ ಪ್ರಕರಣಗಳ ವಿಲೇವಾರಿ ಕುರಿತು ಸಮಗ್ರ ಮಾಹಿತಿ ಪಡೆದುಕೊಂಡರು. ಸಾರ್ವಜನಿಕರೊಂದಿಗೆ ಸೌಜನ್ಯದಿಂದ ವರ್ತಿಸುವಂತೆ ಸೂಚಿಸಿದರು.

ದಕ್ಷಿಣ ವಲಯ ಐಜಿಪಿ ವಿಪುಲ್ ಕುಮಾರ್, ನಗರ ಪೊಲೀಸ್ ಆಯುಕ್ತ ಕೆ.ಟಿ.ಬಾಲಕೃಷ್ಣ, ಎಸ್ಪಿ ಸಿ.ಬಿ.ರಿಷ್ಯಂತ್ ಸೇರಿದಂತೆ ವಿವಿಧ ಜಿಲ್ಲೆಗಳ ಅಧಿಕಾರಿಗಳು ಸಭೆಯಲ್ಲಿ ಭಾಗವಹಿಸಿದ್ದರು.

ಮಾದಕ ವಸ್ತು ಮಾರಾಟ ಜಾಲ ಪತ್ತೆಹಚ್ಚಲು ವಿಶೇಷ ತಂಡ ರಚಿಸಬೇಕು. ಸೈಬರ್ ಅಪರಾಧ ತಡೆಗೆ ಆದ್ಯತೆ ನೀಡಬೇಕು ಎಂದು ಸಲಹೆ ನೀಡಿದರು.

ಮೈಸೂರು, ಫೆ.10(ಆರ್‌ಕೆ)- ರಾಜ್ಯ ಪೊಲೀಸ್ ಮಹಾನಿರ್ದೇಶಕರಾಗಿ ಅಧಿಕಾರ ವಹಿಸಿಕೊಂಡ ನಂತರ ಪ್ರವೀಣ್ ಸೂದ್ ಅವರು ಮೊದಲ ಬಾರಿಗೆ ಮೈಸೂರಿನಲ್ಲಿ ದಕ್ಷಿಣ ವಲಯ ವ್ಯಾಪ್ತಿಯ ಪೊಲೀಸ್ ವರಿಷ್ಠಾಧಿಕಾರಿಗಳ ಸಭೆ ನಡೆಸಿದರು.

ಜಿಲ್ಲೆಗಳಲ್ಲಿನ ಕಾನೂನು ಸುವ್ಯವಸ್ಥೆ, ಅಪರಾಧ ಪ್ರಕರಣಗಳ ಪತ್ತೆ, ಬಾಕಿ ಇರುವ ಪ್ರಕರಣಗಳ ವಿಲೇವಾರಿ ಕುರಿತು ಸಮಗ್ರ ಮಾಹಿತಿ ಪಡೆದುಕೊಂಡರು. ಸಾರ್ವಜನಿಕರೊಂದಿಗೆ ಸೌಜನ್ಯದಿಂದ ವರ್ತಿಸುವಂತೆ ಸೂಚಿಸಿದರು.

ನಗರದ ಜಿಲ್ಲಾ ಪ್ರಾಂಗಣದಲ್ಲಿ ಡಿಜಿಪಿ ಪ್ರವೀಣ್ ಸೂದ್ ಅಧಿಕಾರಿಗಳ ಸಭೆ ನಡೆಸಿದರು.
ಅಧಿವೇಶನದ ಮುನ್ನ ಇಲಾಖಾ ಕಸ್ತೂರ ಮಾಹಿತಿ ಪಡೆಯುತ್ತಿದ್ದೇನೆ

ಜಿಲ್ಲೆಗಳಲ್ಲಿನ ಕಾನೂನು ಸುವ್ಯವಸ್ಥೆ, ಅಪರಾಧ ಪ್ರಕರಣಗಳ ಪತ್ತೆ, ಬಾಕಿ ಇರುವ ಪ್ರಕರಣಗಳ ವಿಲೇವಾರಿ ಕುರಿತು ಸಮಗ್ರ ಮಾಹಿತಿ ಪಡೆದುಕೊಂಡರು. ಸಾರ್ವಜನಿಕರೊಂದಿಗೆ ಸೌಜನ್ಯದಿಂದ ವರ್ತಿಸುವಂತೆ ಸೂಚಿಸಿದರು.

ದಕ್ಷಿಣ ವಲಯ ಐಜಿಪಿ ವಿಪುಲ್ ಕುಮಾರ್, ನಗರ ಪೊಲೀಸ್ ಆಯುಕ್ತ ಕೆ.ಟಿ.ಬಾಲಕೃಷ್ಣ, ಎಸ್ಪಿ ಸಿ.ಬಿ.ರಿಷ್ಯಂತ್ ಸೇರಿದಂತೆ ವಿವಿಧ ಜಿಲ್ಲೆಗಳ ಅಧಿಕಾರಿಗಳು ಸಭೆಯಲ್ಲಿ ಭಾಗವಹಿಸಿದ್ದರು.

ಮಾದಕ ವಸ್ತು ಮಾರಾಟ ಜಾಲ ಪತ್ತೆಹಚ್ಚಲು ವಿಶೇಷ ತಂಡ ರಚಿಸಬೇಕು. ಸೈಬರ್ ಅಪರಾಧ ತಡೆಗೆ ಆದ್ಯತೆ ನೀಡಬೇಕು ಎಂದು ಸಲಹೆ ನೀಡಿದರು.

ಮೈಸೂರು, ಫೆ.10(ಆರ್‌ಕೆ)- ರಾಜ್ಯ ಪೊಲೀಸ್ ಮಹಾನಿರ್ದೇಶಕರಾಗಿ ಅಧಿಕಾರ ವಹಿಸಿಕೊಂಡ ನಂತರ ಪ್ರವೀಣ್ ಸೂದ್ ಅವರು ಮೊದಲ ಬಾರಿಗೆ ಮೈಸೂರಿನಲ್ಲಿ ದಕ್ಷಿಣ ವಲಯ ವ್ಯಾಪ್ತಿಯ ಪೊಲೀಸ್ ವರಿಷ್ಠಾಧಿಕಾರಿಗಳ ಸಭೆ ನಡೆಸಿದರು.

ಮಾದಕ ವಸ್ತು ಮಾರಾಟ ಜಾಲ ಪತ್ತೆಹಚ್ಚಲು ವಿಶೇಷ ತಂಡ ರಚಿಸಬೇಕು. ಸೈಬರ್ ಅಪರಾಧ ತಡೆಗೆ ಆದ್ಯತೆ ನೀಡಬೇಕು ಎಂದು ಸಲಹೆ ನೀಡಿದರು.

ಜಿಲ್ಲೆಗಳಲ್ಲಿನ ಕಾನೂನು ಸುವ್ಯವಸ್ಥೆ, ಅಪರಾಧ ಪ್ರಕರಣಗಳ ಪತ್ತೆ, ಬಾಕಿ ಇರುವ ಪ್ರಕರಣಗಳ ವಿಲೇವಾರಿ ಕುರಿತು ಸಮಗ್ರ ಮಾಹಿತಿ ಪಡೆದುಕೊಂಡರು. ಸಾರ್ವಜನಿಕರೊಂದಿಗೆ ಸೌಜನ್ಯದಿಂದ ವರ್ತಿಸುವಂತೆ ಸೂಚಿಸಿದರು.

ದಕ್ಷಿಣ ವಲಯ ಐಜಿಪಿ ವಿಪುಲ್ ಕುಮಾರ್, ನಗರ ಪೊಲೀಸ್ ಆಯುಕ್ತ ಕೆ.ಟಿ.ಬಾಲಕೃಷ್ಣ, ಎಸ್ಪಿ ಸಿ.ಬಿ.ರಿಷ್ಯಂತ್ ಸೇರಿದಂತೆ ವಿವಿಧ ಜಿಲ್ಲೆಗಳ ಅಧಿಕಾರಿಗಳು ಸಭೆಯಲ್ಲಿ ಭಾಗವಹಿಸಿದ್ದರು.

ಮೈಸೂರು, ಫೆ.10(ಆರ್‌ಕೆ)- ರಾಜ್ಯ ಪೊಲೀಸ್ ಮಹಾನಿರ್ದೇಶಕರಾಗಿ ಅಧಿಕಾರ ವಹಿಸಿಕೊಂಡ ನಂತರ ಪ್ರವೀಣ್ ಸೂದ್ ಅವರು ಮೊದಲ ಬಾರಿಗೆ ಮೈಸೂರಿನಲ್ಲಿ ದಕ್ಷಿಣ ವಲಯ ವ್ಯಾಪ್ತಿಯ ಪೊಲೀಸ್ ವರಿಷ್ಠಾಧಿಕಾರಿಗಳ ಸಭೆ ನಡೆಸಿದರು.

ಜಿಲ್ಲೆಗಳಲ್ಲಿನ ಕಾನೂನು ಸುವ್ಯವಸ್ಥೆ, ಅಪರಾಧ ಪ್ರಕರಣಗಳ ಪತ್ತೆ, ಬಾಕಿ ಇರುವ ಪ್ರಕರಣಗಳ ವಿಲೇವಾರಿ ಕುರಿತು ಸಮಗ್ರ ಮಾಹಿತಿ ಪಡೆದುಕೊಂಡರು. ಸಾರ್ವಜನಿಕರೊಂದಿಗೆ ಸೌಜನ್ಯದಿಂದ ವರ್ತಿಸುವಂತೆ ಸೂಚಿಸಿದರು.

ದಕ್ಷಿಣ ವಲಯ ಐಜಿಪಿ ವಿಪುಲ್ ಕುಮಾರ್, ನಗರ ಪೊಲೀಸ್ ಆಯುಕ್ತ ಕೆ.ಟಿ.ಬಾಲಕೃಷ್ಣ, ಎಸ್ಪಿ ಸಿ.ಬಿ.ರಿಷ್ಯಂತ್ ಸೇರಿದಂತೆ ವಿವಿಧ ಜಿಲ್ಲೆಗಳ ಅಧಿಕಾರಿಗಳು ಸಭೆಯಲ್ಲಿ ಭಾಗವಹಿಸಿದ್ದರು.

ಮಾದಕ ವಸ್ತು ಮಾರಾಟ ಜಾಲ ಪತ್ತೆಹಚ್ಚಲು ವಿಶೇಷ ತಂಡ ರಚಿಸಬೇಕು. ಸೈಬರ್ ಅಪರಾಧ ತಡೆಗೆ ಆದ್ಯತೆ ನೀಡಬೇಕು ಎಂದು ಸಲಹೆ ನೀಡಿದರು.

ಮೈಸೂರು, ಫೆ.10(ಆರ್‌ಕೆ)- ರಾಜ್ಯ ಪೊಲೀಸ್ ಮಹಾನಿರ್ದೇಶಕರಾಗಿ ಅಧಿಕಾರ ವಹಿಸಿಕೊಂಡ ನಂತರ ಪ್ರವೀಣ್ ಸೂದ್ ಅವರು ಮೊದಲ ಬಾರಿಗೆ ಮೈಸೂರಿನಲ್ಲಿ ದಕ್ಷಿಣ ವಲಯ ವ್ಯಾಪ್ತಿಯ ಪೊಲೀಸ್ ವರಿಷ್ಠಾಧಿಕಾರಿಗಳ ಸಭೆ ನಡೆಸಿದರು.

ಜಿಲ್ಲೆಗಳಲ್ಲಿನ ಕಾನೂನು ಸುವ್ಯವಸ್ಥೆ, ಅಪರಾಧ ಪ್ರಕರಣಗಳ ಪತ್ತೆ, ಬಾಕಿ ಇರುವ ಪ್ರಕರಣಗಳ ವಿಲೇವಾರಿ ಕುರಿತು ಸಮಗ್ರ ಮಾಹಿತಿ ಪಡೆದುಕೊಂಡರು. ಸಾರ್ವಜನಿಕರೊಂದಿಗೆ ಸೌಜನ್ಯದಿಂದ ವರ್ತಿಸುವಂತೆ ಸೂಚಿಸಿದರು.

ದಕ್ಷಿಣ ವಲಯ ಐಜಿಪಿ ವಿಪುಲ್ ಕುಮಾರ್, ನಗರ ಪೊಲೀಸ್ ಆಯುಕ್ತ ಕೆ.ಟಿ.ಬಾಲಕೃಷ್ಣ, ಎಸ್ಪಿ ಸಿ.ಬಿ.ರಿಷ್ಯಂತ್ ಸೇರಿದಂತೆ ವಿವಿಧ ಜಿಲ್ಲೆಗಳ ಅಧಿಕಾರಿಗಳು ಸಭೆಯಲ್ಲಿ ಭಾಗವಹಿಸಿದ್ದರು.

ಮಾದಕ ವಸ್ತು ಮಾರಾಟ ಜಾಲ ಪತ್ತೆಹಚ್ಚಲು ವಿಶೇಷ ತಂಡ ರಚಿಸಬೇಕು. ಸೈಬರ್ ಅಪರಾಧ ತಡೆಗೆ ಆದ್ಯತೆ ನೀಡಬೇಕು ಎಂದು ಸಲಹೆ ನೀಡಿದರು.
